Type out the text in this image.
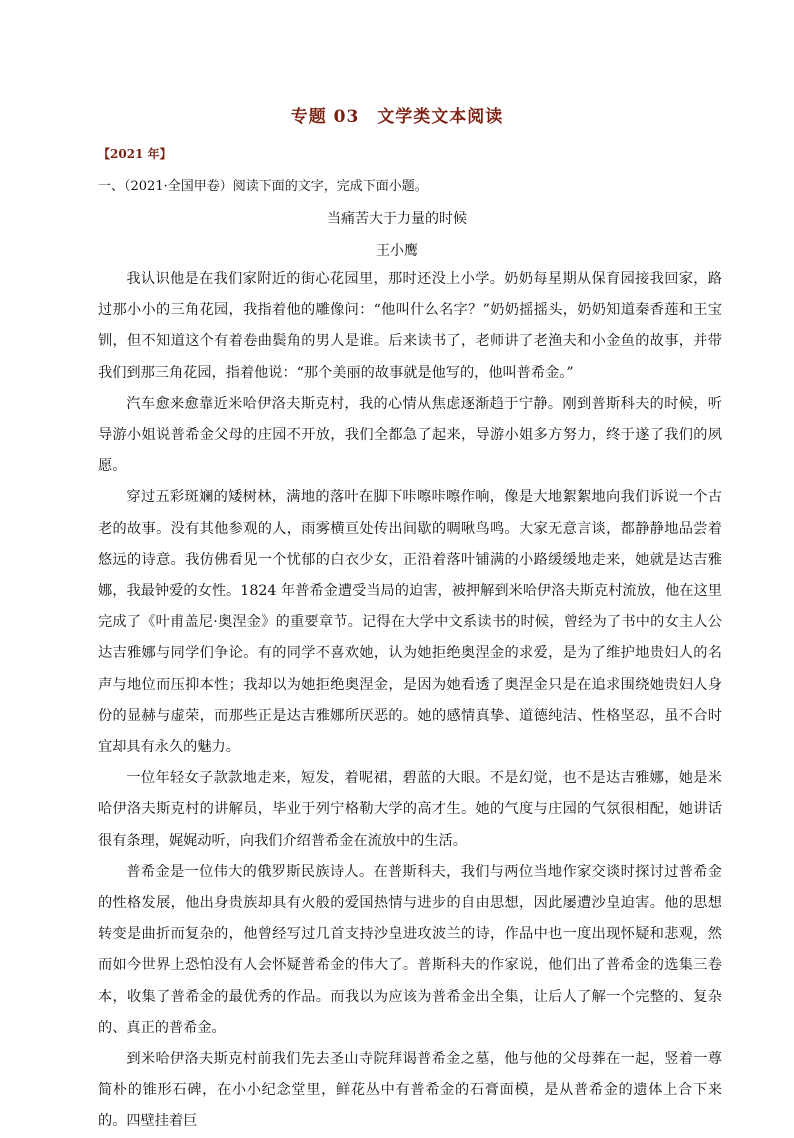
专题 03　文学类文本阅读
【2021 年】
一、（2021·全国甲卷）阅读下面的文字，完成下面小题。
当痛苦大于力量的时候
王小鹰

我认识他是在我们家附近的街心花园里，那时还没上小学。奶奶每星期从保育园接我回家，路过那小小的三角花园，我指着他的雕像问：“他叫什么名字？”奶奶摇摇头，奶奶知道秦香莲和王宝钏，但不知道这个有着卷曲鬓角的男人是谁。后来读书了，老师讲了老渔夫和小金鱼的故事，并带我们到那三角花园，指着他说：“那个美丽的故事就是他写的，他叫普希金。”

汽车愈来愈靠近米哈伊洛夫斯克村，我的心情从焦虑逐渐趋于宁静。刚到普斯科夫的时候，听导游小姐说普希金父母的庄园不开放，我们全都急了起来，导游小姐多方努力，终于遂了我们的夙愿。

穿过五彩斑斓的矮树林，满地的落叶在脚下咔嚓咔嚓作响，像是大地絮絮地向我们诉说一个古老的故事。没有其他参观的人，雨雾横亘处传出间歇的啁啾鸟鸣。大家无意言谈，都静静地品尝着悠远的诗意。我仿佛看见一个忧郁的白衣少女，正沿着落叶铺满的小路缓缓地走来，她就是达吉雅娜，我最钟爱的女性。1824 年普希金遭受当局的迫害，被押解到米哈伊洛夫斯克村流放，他在这里完成了《叶甫盖尼·奥涅金》的重要章节。记得在大学中文系读书的时候，曾经为了书中的女主人公达吉雅娜与同学们争论。有的同学不喜欢她，认为她拒绝奥涅金的求爱，是为了维护地贵妇人的名声与地位而压抑本性；我却以为她拒绝奥涅金，是因为她看透了奥涅金只是在追求围绕她贵妇人身份的显赫与虚荣，而那些正是达吉雅娜所厌恶的。她的感情真挚、道德纯洁、性格坚忍，虽不合时宜却具有永久的魅力。

一位年轻女子款款地走来，短发，着呢裙，碧蓝的大眼。不是幻觉，也不是达吉雅娜，她是米哈伊洛夫斯克村的讲解员，毕业于列宁格勒大学的高才生。她的气度与庄园的气氛很相配，她讲话很有条理，娓娓动听，向我们介绍普希金在流放中的生活。

普希金是一位伟大的俄罗斯民族诗人。在普斯科夫，我们与两位当地作家交谈时探讨过普希金的性格发展，他出身贵族却具有火般的爱国热情与进步的自由思想，因此屡遭沙皇迫害。他的思想转变是曲折而复杂的，他曾经写过几首支持沙皇进攻波兰的诗，作品中也一度出现怀疑和悲观，然而如今世界上恐怕没有人会怀疑普希金的伟大了。普斯科夫的作家说，他们出了普希金的选集三卷本，收集了普希金的最优秀的作品。而我以为应该为普希金出全集，让后人了解一个完整的、复杂的、真正的普希金。

到米哈伊洛夫斯克村前我们先去圣山寺院拜谒普希金之墓，他与他的父母葬在一起，竖着一尊简朴的锥形石碑，在小小纪念堂里，鲜花丛中有普希金的石膏面模，是从普希金的遗体上合下来的。四壁挂着巨
